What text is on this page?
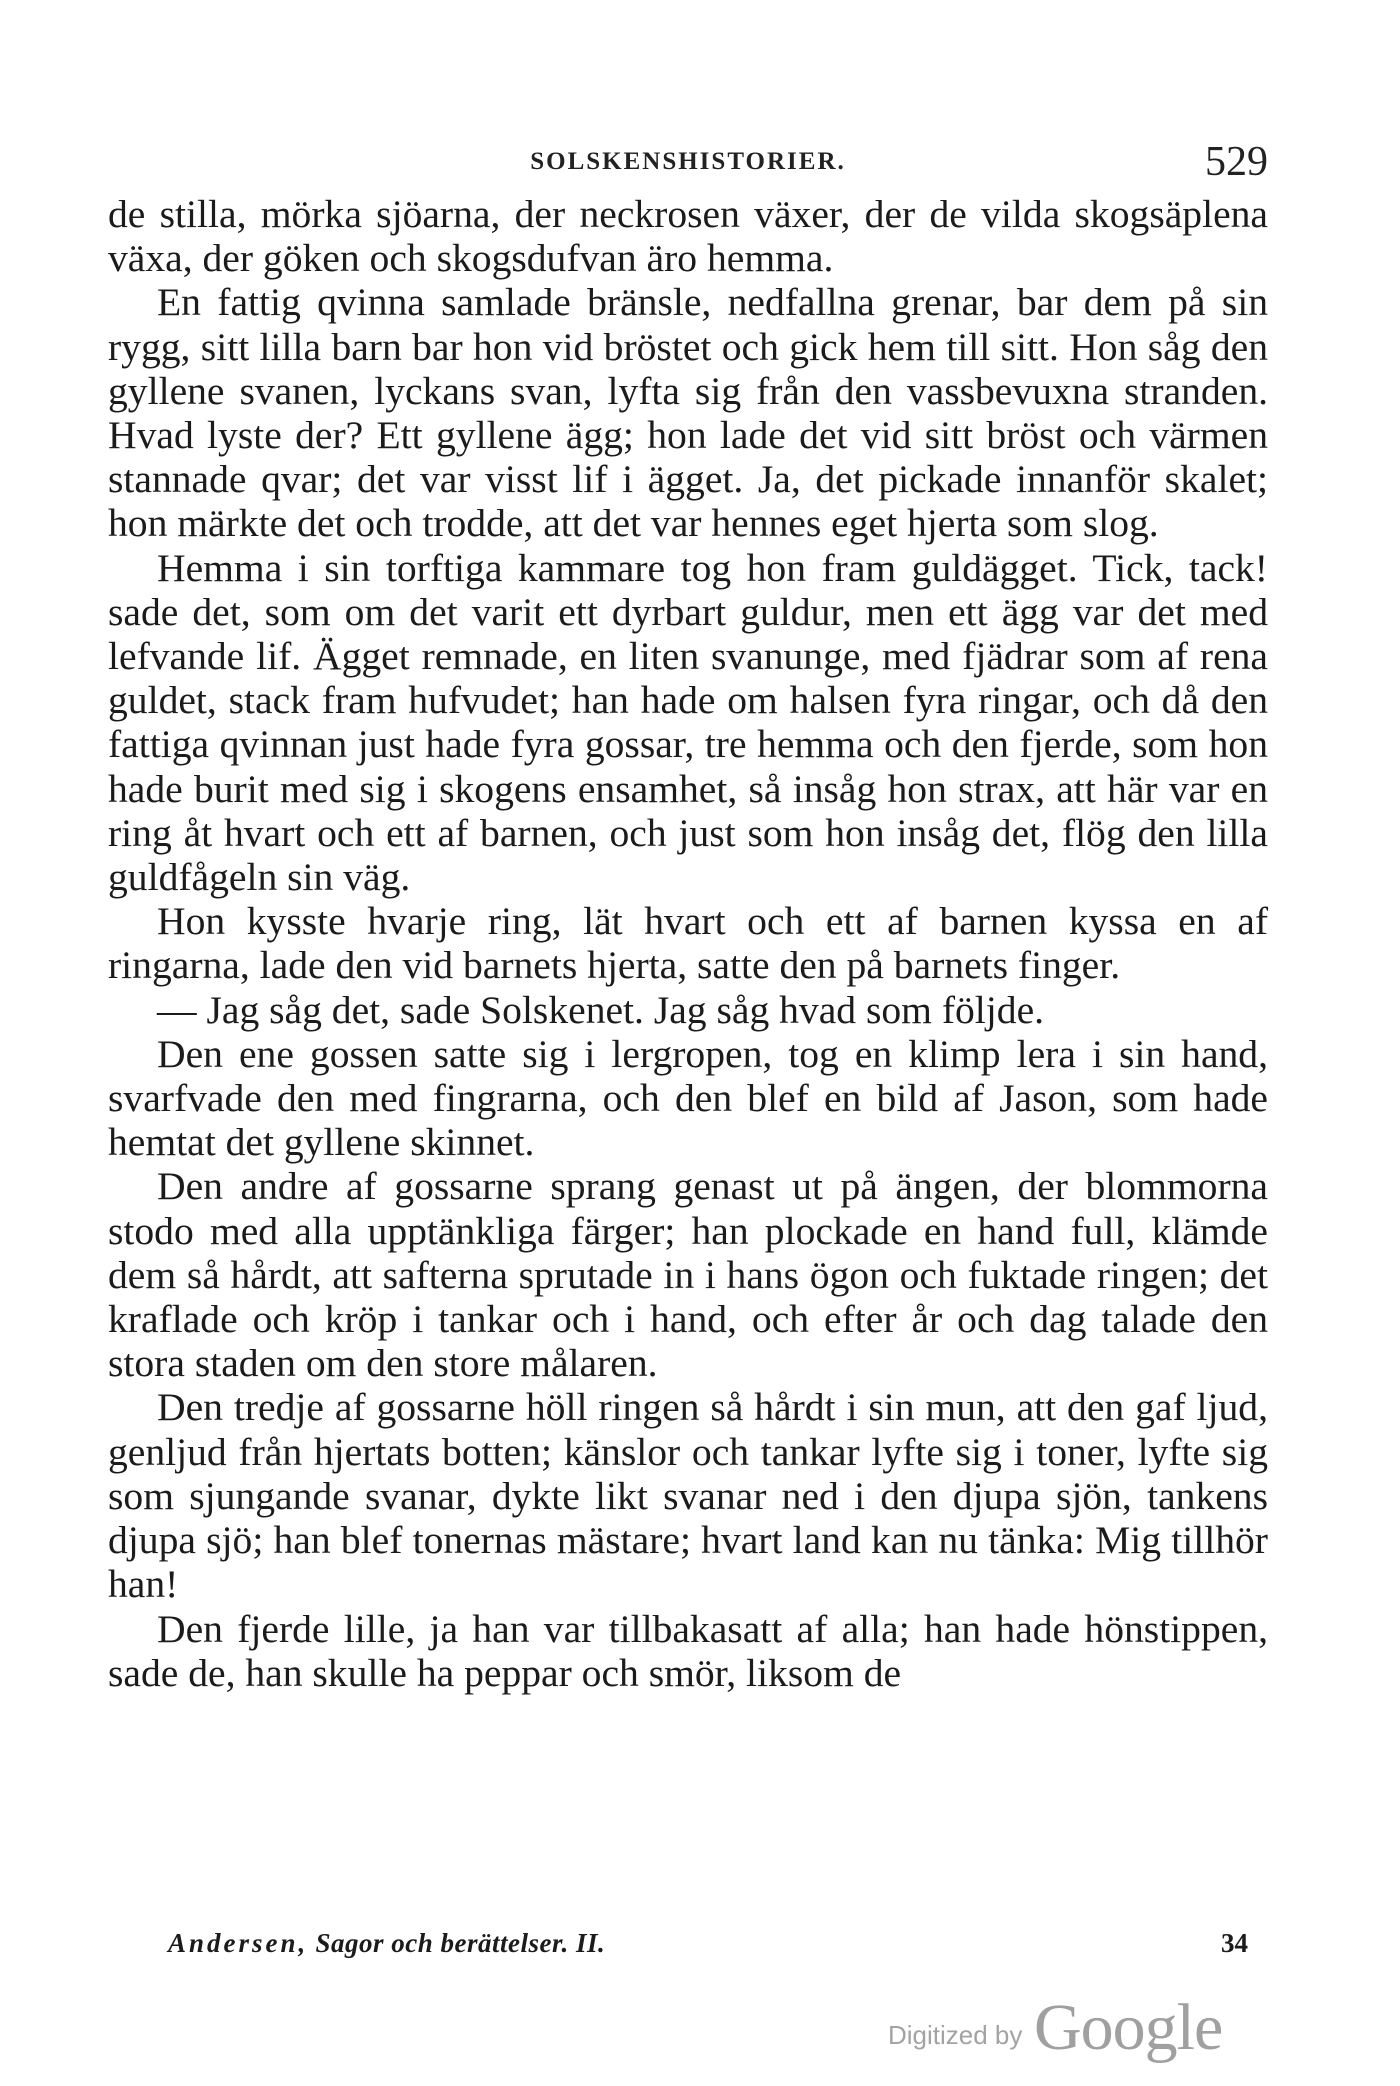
SOLSKENSHISTORIER.	529

de stilla, mörka sjöarna, der neckrosen växer, der de vilda skogsäplena växa, der göken och skogsdufvan äro hemma.

En fattig qvinna samlade bränsle, nedfallna grenar, bar dem på sin rygg, sitt lilla barn bar hon vid bröstet och gick hem till sitt. Hon såg den gyllene svanen, lyckans svan, lyfta sig från den vassbevuxna stranden. Hvad lyste der? Ett gyllene ägg; hon lade det vid sitt bröst och värmen stannade qvar; det var visst lif i ägget. Ja, det pickade innanför skalet; hon märkte det och trodde, att det var hennes eget hjerta som slog.

Hemma i sin torftiga kammare tog hon fram guldägget. Tick, tack! sade det, som om det varit ett dyrbart guldur, men ett ägg var det med lefvande lif. Ägget remnade, en liten svanunge, med fjädrar som af rena guldet, stack fram hufvudet; han hade om halsen fyra ringar, och då den fattiga qvinnan just hade fyra gossar, tre hemma och den fjerde, som hon hade burit med sig i skogens ensamhet, så insåg hon strax, att här var en ring åt hvart och ett af barnen, och just som hon insåg det, flög den lilla guldfågeln sin väg.

Hon kysste hvarje ring, lät hvart och ett af barnen kyssa en af ringarna, lade den vid barnets hjerta, satte den på barnets finger.

— Jag såg det, sade Solskenet. Jag såg hvad som följde.

Den ene gossen satte sig i lergropen, tog en klimp lera i sin hand, svarfvade den med fingrarna, och den blef en bild af Jason, som hade hemtat det gyllene skinnet.

Den andre af gossarne sprang genast ut på ängen, der blommorna stodo med alla upptänkliga färger; han plockade en hand full, klämde dem så hårdt, att safterna sprutade in i hans ögon och fuktade ringen; det kraflade och kröp i tankar och i hand, och efter år och dag talade den stora staden om den store målaren.

Den tredje af gossarne höll ringen så hårdt i sin mun, att den gaf ljud, genljud från hjertats botten; känslor och tankar lyfte sig i toner, lyfte sig som sjungande svanar, dykte likt svanar ned i den djupa sjön, tankens djupa sjö; han blef tonernas mästare; hvart land kan nu tänka: Mig tillhör han!

Den fjerde lille, ja han var tillbakasatt af alla; han hade hönstippen, sade de, han skulle ha peppar och smör, liksom de

Andersen, Sagor och berättelser. II.	34
Digitized by Google
